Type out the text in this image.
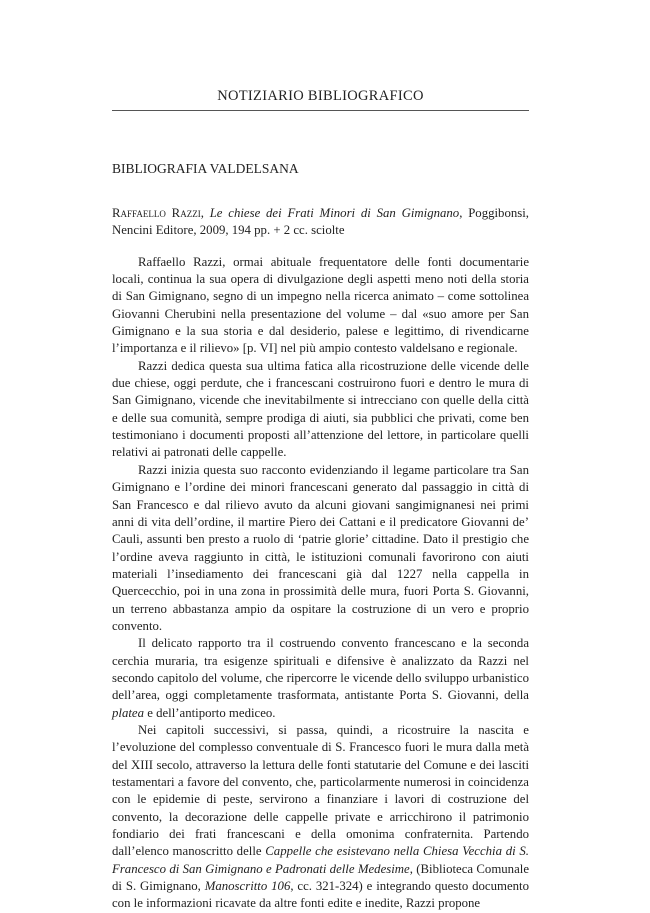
NOTIZIARIO BIBLIOGRAFICO
BIBLIOGRAFIA VALDELSANA

Raffaello Razzi, Le chiese dei Frati Minori di San Gimignano, Poggibonsi, Nencini Editore, 2009, 194 pp. + 2 cc. sciolte

Raffaello Razzi, ormai abituale frequentatore delle fonti documentarie locali, continua la sua opera di divulgazione degli aspetti meno noti della storia di San Gimignano, segno di un impegno nella ricerca animato – come sottolinea Giovanni Cherubini nella presentazione del volume – dal «suo amore per San Gimignano e la sua storia e dal desiderio, palese e legittimo, di rivendicarne l’importanza e il rilievo» [p. VI] nel più ampio contesto valdelsano e regionale.

Razzi dedica questa sua ultima fatica alla ricostruzione delle vicende delle due chiese, oggi perdute, che i francescani costruirono fuori e dentro le mura di San Gimignano, vicende che inevitabilmente si intrecciano con quelle della città e delle sua comunità, sempre prodiga di aiuti, sia pubblici che privati, come ben testimoniano i documenti proposti all’attenzione del lettore, in particolare quelli relativi ai patronati delle cappelle.

Razzi inizia questa suo racconto evidenziando il legame particolare tra San Gimignano e l’ordine dei minori francescani generato dal passaggio in città di San Francesco e dal rilievo avuto da alcuni giovani sangimignanesi nei primi anni di vita dell’ordine, il martire Piero dei Cattani e il predicatore Giovanni de’ Cauli, assunti ben presto a ruolo di ‘patrie glorie’ cittadine. Dato il prestigio che l’ordine aveva raggiunto in città, le istituzioni comunali favorirono con aiuti materiali l’insediamento dei francescani già dal 1227 nella cappella in Quercecchio, poi in una zona in prossimità delle mura, fuori Porta S. Giovanni, un terreno abbastanza ampio da ospitare la costruzione di un vero e proprio convento.

Il delicato rapporto tra il costruendo convento francescano e la seconda cerchia muraria, tra esigenze spirituali e difensive è analizzato da Razzi nel secondo capitolo del volume, che ripercorre le vicende dello sviluppo urbanistico dell’area, oggi completamente trasformata, antistante Porta S. Giovanni, della platea e dell’antiporto mediceo.

Nei capitoli successivi, si passa, quindi, a ricostruire la nascita e l’evoluzione del complesso conventuale di S. Francesco fuori le mura dalla metà del XIII secolo, attraverso la lettura delle fonti statutarie del Comune e dei lasciti testamentari a favore del convento, che, particolarmente numerosi in coincidenza con le epidemie di peste, servirono a finanziare i lavori di costruzione del convento, la decorazione delle cappelle private e arricchirono il patrimonio fondiario dei frati francescani e della omonima confraternita. Partendo dall’elenco manoscritto delle Cappelle che esistevano nella Chiesa Vecchia di S. Francesco di San Gimignano e Padronati delle Medesime, (Biblioteca Comunale di S. Gimignano, Manoscritto 106, cc. 321-324) e integrando questo documento con le informazioni ricavate da altre fonti edite e inedite, Razzi propone
